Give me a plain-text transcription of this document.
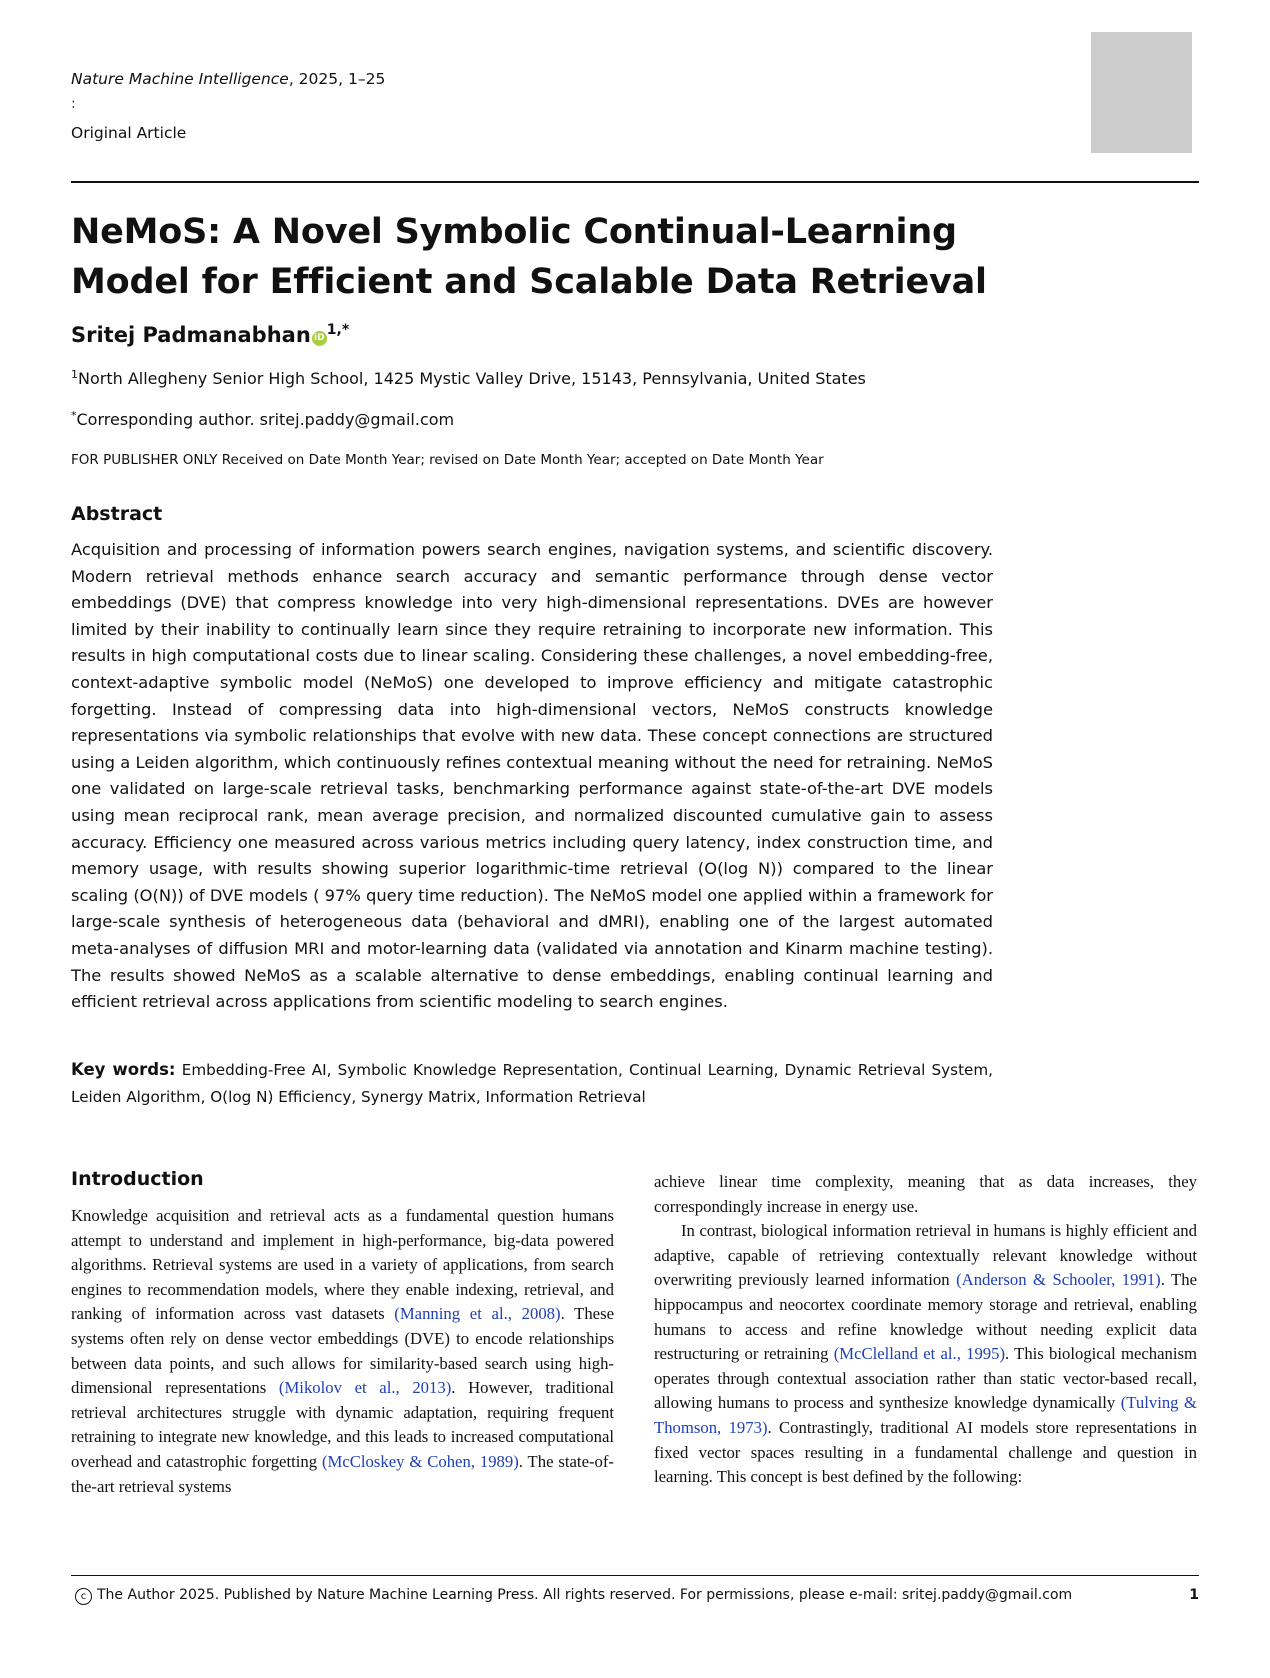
Nature Machine Intelligence, 2025, 1–25
:
Original Article
NeMoS: A Novel Symbolic Continual-Learning Model for Efficient and Scalable Data Retrieval
Sritej Padmanabhan iD $^{1,*}$
$^1$North Allegheny Senior High School, 1425 Mystic Valley Drive, 15143, Pennsylvania, United States
*Corresponding author. sritej.paddy@gmail.com
FOR PUBLISHER ONLY Received on Date Month Year; revised on Date Month Year; accepted on Date Month Year
Abstract
Acquisition and processing of information powers search engines, navigation systems, and scientific discovery. Modern retrieval methods enhance search accuracy and semantic performance through dense vector embeddings (DVE) that compress knowledge into very high-dimensional representations. DVEs are however limited by their inability to continually learn since they require retraining to incorporate new information. This results in high computational costs due to linear scaling. Considering these challenges, a novel embedding-free, context-adaptive symbolic model (NeMoS) one developed to improve efficiency and mitigate catastrophic forgetting. Instead of compressing data into high-dimensional vectors, NeMoS constructs knowledge representations via symbolic relationships that evolve with new data. These concept connections are structured using a Leiden algorithm, which continuously refines contextual meaning without the need for retraining. NeMoS one validated on large-scale retrieval tasks, benchmarking performance against state-of-the-art DVE models using mean reciprocal rank, mean average precision, and normalized discounted cumulative gain to assess accuracy. Efficiency one measured across various metrics including query latency, index construction time, and memory usage, with results showing superior logarithmic-time retrieval (O(log N)) compared to the linear scaling (O(N)) of DVE models ( 97% query time reduction). The NeMoS model one applied within a framework for large-scale synthesis of heterogeneous data (behavioral and dMRI), enabling one of the largest automated meta-analyses of diffusion MRI and motor-learning data (validated via annotation and Kinarm machine testing). The results showed NeMoS as a scalable alternative to dense embeddings, enabling continual learning and efficient retrieval across applications from scientific modeling to search engines.
Key words: Embedding-Free AI, Symbolic Knowledge Representation, Continual Learning, Dynamic Retrieval System, Leiden Algorithm, O(log N) Efficiency, Synergy Matrix, Information Retrieval
Introduction

Knowledge acquisition and retrieval acts as a fundamental question humans attempt to understand and implement in high-performance, big-data powered algorithms. Retrieval systems are used in a variety of applications, from search engines to recommendation models, where they enable indexing, retrieval, and ranking of information across vast datasets (Manning et al., 2008). These systems often rely on dense vector embeddings (DVE) to encode relationships between data points, and such allows for similarity-based search using high-dimensional representations (Mikolov et al., 2013). However, traditional retrieval architectures struggle with dynamic adaptation, requiring frequent retraining to integrate new knowledge, and this leads to increased computational overhead and catastrophic forgetting (McCloskey & Cohen, 1989). The state-of-the-art retrieval systems

achieve linear time complexity, meaning that as data increases, they correspondingly increase in energy use.

In contrast, biological information retrieval in humans is highly efficient and adaptive, capable of retrieving contextually relevant knowledge without overwriting previously learned information (Anderson & Schooler, 1991). The hippocampus and neocortex coordinate memory storage and retrieval, enabling humans to access and refine knowledge without needing explicit data restructuring or retraining (McClelland et al., 1995). This biological mechanism operates through contextual association rather than static vector-based recall, allowing humans to process and synthesize knowledge dynamically (Tulving & Thomson, 1973). Contrastingly, traditional AI models store representations in fixed vector spaces resulting in a fundamental challenge and question in learning. This concept is best defined by the following:

c The Author 2025. Published by Nature Machine Learning Press. All rights reserved. For permissions, please e-mail: sritej.paddy@gmail.com	1
